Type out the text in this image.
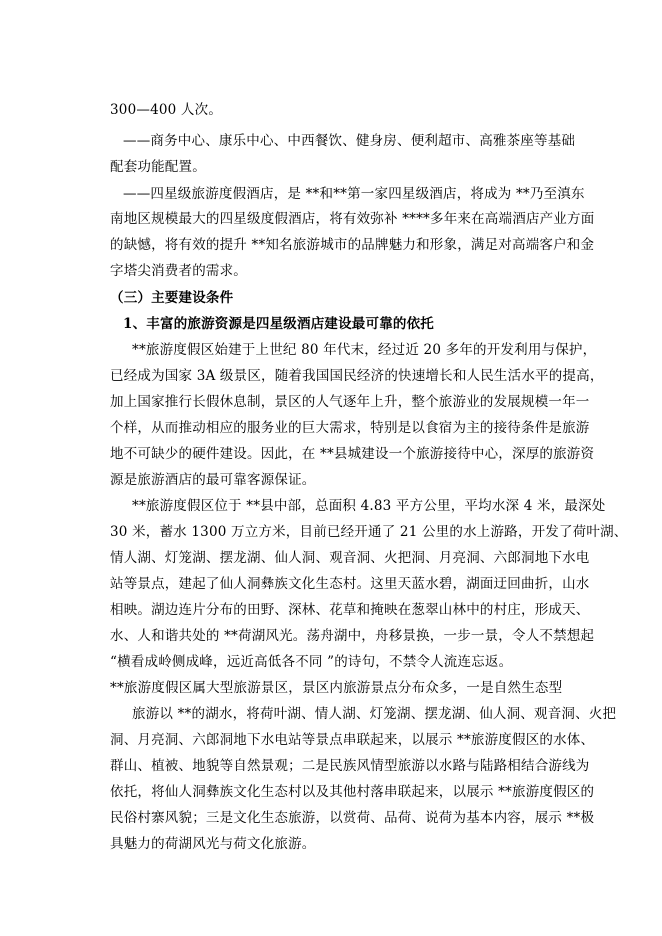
300—400 人次。
——商务中心、康乐中心、中西餐饮、健身房、便利超市、高雅茶座等基础
配套功能配置。
——四星级旅游度假酒店，是 **和**第一家四星级酒店，将成为 **乃至滇东
南地区规模最大的四星级度假酒店，将有效弥补 ****多年来在高端酒店产业方面
的缺憾，将有效的提升 **知名旅游城市的品牌魅力和形象，满足对高端客户和金
字塔尖消费者的需求。
（三）主要建设条件
1、丰富的旅游资源是四星级酒店建设最可靠的依托
**旅游度假区始建于上世纪 80 年代末，经过近 20 多年的开发利用与保护，
已经成为国家 3A 级景区，随着我国国民经济的快速增长和人民生活水平的提高，
加上国家推行长假休息制，景区的人气逐年上升，整个旅游业的发展规模一年一
个样，从而推动相应的服务业的巨大需求，特别是以食宿为主的接待条件是旅游
地不可缺少的硬件建设。因此，在 **县城建设一个旅游接待中心，深厚的旅游资
源是旅游酒店的最可靠客源保证。
**旅游度假区位于 **县中部，总面积 4.83 平方公里，平均水深 4 米，最深处
30 米，蓄水 1300 万立方米，目前已经开通了 21 公里的水上游路，开发了荷叶湖、
情人湖、灯笼湖、摆龙湖、仙人洞、观音洞、火把洞、月亮洞、六郎洞地下水电
站等景点，建起了仙人洞彝族文化生态村。这里天蓝水碧，湖面迂回曲折，山水
相映。湖边连片分布的田野、深林、花草和掩映在葱翠山林中的村庄，形成天、
水、人和谐共处的 **荷湖风光。荡舟湖中，舟移景换，一步一景，令人不禁想起
“横看成岭侧成峰，远近高低各不同 ”的诗句，不禁令人流连忘返。
**旅游度假区属大型旅游景区，景区内旅游景点分布众多，一是自然生态型
旅游以 **的湖水，将荷叶湖、情人湖、灯笼湖、摆龙湖、仙人洞、观音洞、火把
洞、月亮洞、六郎洞地下水电站等景点串联起来，以展示 **旅游度假区的水体、
群山、植被、地貌等自然景观；二是民族风情型旅游以水路与陆路相结合游线为
依托，将仙人洞彝族文化生态村以及其他村落串联起来，以展示 **旅游度假区的
民俗村寨风貌；三是文化生态旅游，以赏荷、品荷、说荷为基本内容，展示 **极
具魅力的荷湖风光与荷文化旅游。
